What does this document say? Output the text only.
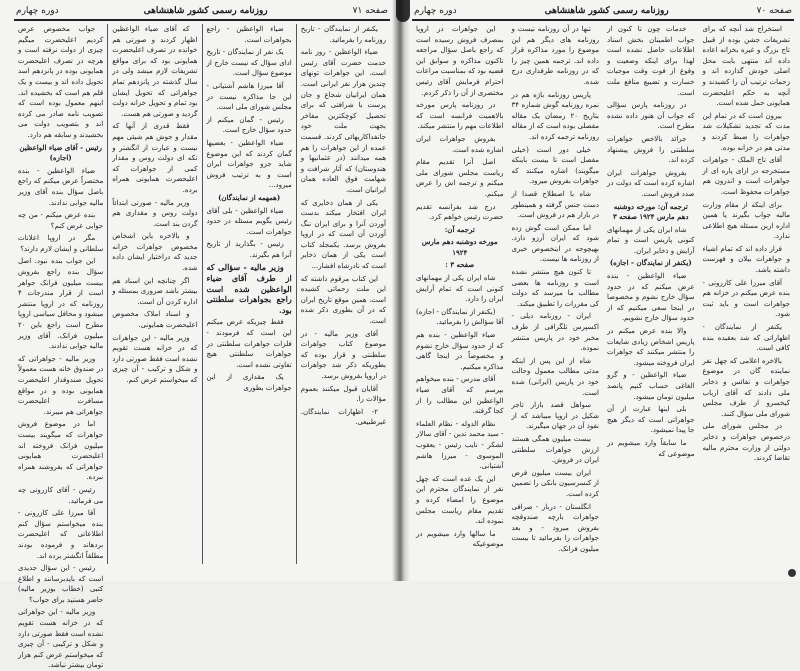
صفحه ۷۱
روزنامه رسمی کشور شاهنشاهی
دوره چهارم

یکنفر از نمایندگان - تاریخ روزنامه را بفرمائید.

ضیاء الواعظین - روز نامه خدمت حضرت آقای رئیس است. این جواهرات تونهای چندین هزار نفر ایرانی است. همان ایرانیان شجاع و جان پرست با شرافتی که برای تحصیل کوچکترین مفاخر بجهت ملت خود جانفداکاریهائی کردند. قسمت عمده از این جواهرات را هم همه میدانند (در عثمانیها و هندوستان) که آثار شرافت و شهامت فوق العاده همان ایرانیان است.

یکی از همان ذخایری که ایران افتخار میکند بدست آوردن آنرا و برای ایران ننگ آوردن آن است که در اروپا بفروش برسد. یکمجلد کتاب است یکی از همان ذخایر است که نادرشاه افشار...

این کتاب مرقوم داشته که این ملت زحماتی کشیده است. همین موقع تاریخ ایران که در آن بطوری ذکر شده است.

آقای وزیر مالیه - در موضوع کتاب جواهرات سلطنتی و قرار بوده که بطوریکه ذکر شد جواهرات در اروپا بفروش برسد.

آقایان قبول میکنند بعموم مؤالات را.

۲- اظهارات نمایندگان. غیرطبیعی.

ضیاء الواعظین - راجع بجواهرات است.

یک نفر از نمایندگان - تاریخ ادای سؤال که نیست خارج از موضوع سؤال است.

آقا میرزا هاشم آشتیانی - این جا مذاکره نیست در مجلس شورای ملی است.

رئیس - گمان میکنم از حدود سؤال خارج است.

ضیاء الواعظین - بعضیها گمان کردند که این موضوع شاید جزو جواهرات ایران است و به ترتیب فروش میرود...

(همهمه از نمایندگان)

ضیاء الواعظین - بلی آقای رئیس بگویم مسئله در حدود جواهرات است.

رئیس - بگذارید از تاریخ آنرا هم بگیرند.

وزیر مالیه - سؤالی که از طرف آقای ضیاء الواعظین شده است راجع بجواهرات سلطنتی بود.

فقط چیزیکه عرض میکنم این است که فرمودند - فلزات جواهرات سلطنتی در جواهرات سلطنتی هیچ تفاوتی نشده است.

یک مقداری از این جواهرات بطوری

که آقای ضیاء الواعظین اظهار کردند و صورتی هم خوانده در تصرف اعلیحضرت همایونی بود که برای مواقع تشریفات لازم میشد ولی در سال گذشته در پانزدهم تمام جواهراتی که تحویل ایشان بود تمام و تحویل خزانه دولت گردید و صورتی هم هست.

فقط قدری از آنها که مقدار و جوش هم شیئی مهم نیست و عبارت از انگشتر و تکه ای دولت روس و مقدار کمی از جواهرات که اعلیحضرت همایونی همراه برده.

وزیر مالیه - صورتی ابتدائاً دولت روس و مقداری هم گردن بند است.

و بالاخره باین اشخاص مخصوص جواهرات خزانه جدید که دراختیار ایشان داده شده.

اگر چنانچه این اسناد هم بیشتر باشد ضروری بمسئله و اداره کردن آن است.

و اسناد املاک مخصوص اعلیحضرت همایونی.

وزیر مالیه - این جواهرات که در خزانه هست تقویم نشده است فقط صورتی دارد و شکل و ترکیب - آن چیزی که میخواستم عرض کنم.

جواب مخصوص عرض کردیم اعلیحضرت میگیم چیزی از دولت نرفته است و هرچه در تصرف اعلیحضرت همایونی بوده در پانزدهم اسد تحویل داده اند و بیست و یک قلم هم است که بخشیده اند. اینهم معمول بوده است که تصویب نامه صادر می کرده اند و بتصویب دولت می بخشیدند و سابقه هم دارد.

رئیس - آقای ضیاء الواعظین (اجازه)

ضیاء الواعظین - بنده مختصراً عرض میکنم که راجع باصل سؤال بنده آقای وزیر مالیه جوابی ندادند.

بنده عرض میکنم - من چه جوابی عرض کنم؟

مگر در اروپا اعلانات سلطانی و ایشان لازم دارند؟

این جواب بنده نبود. اصل سؤال بنده راجع بفروش بیست میلیون فرانک جواهر است از قرار مندرجات ۴ روزنامه که در اروپا منتشر میشود و محافل سیاسی اروپا مطرح است راجع باین ۲۰ میلیون فرانک. آقای وزیر مالیه جوابی ندادند.

وزیر مالیه - جواهراتی که در صندوق خانه هست معمولاً تحویل صندوقدار اعلیحضرت همایونی بوده و در مواقع مسافرت اعلیحضرت جواهراتی هم میبرند.

اما در موضوع فروش جواهرات که میگویند بیست میلیون فرانک فروخته اند اعلیحضرت همایونی جواهراتی که بفروشند همراه نبرده.

رئیس - آقای کازرونی چه می فرمائید.

آقا میرزا علی کازرونی - بنده میخواستم سؤال کنم اطلاعاتی که اعلیحضرت بردهاند و فرموده بودند مطلقاً انگشتر برده اند.

رئیس - این سؤال جدیدی است که بایدبرسانند و اطلاع کتبی (خطاب بوزیر مالیه) حاضر هستید برای جواب؟

وزیر مالیه - این جواهراتی که در خزانه هست تقویم نشده است فقط صورتی دارد و شکل و ترکیبی - آن چیزی که میخواستم عرض کنم هزار تومان بیشتر نباشد.

صفحه ۷۰
روزنامه رسمی کشور شاهنشاهی
دوره چهارم

استخراج شد آنچه که برای تشریفات جشن بوده از قبیل تاج بزرگ و غیره بخزانه اعاده داده اند منتهی بابت محل اصلی خودش گذارده اند و زحمات ترتیب آن را کشیدند و آنچه به حکم اعلیحضرت همایونی حمل شده است.

بیرون است که در تمام این مدت که تجدید تشکیلات شد جواهرات را ضبط کردند و مدتی هم در خزانه بوده.

آقای تاج الملک - جواهرات مستخرجه در ازای پاره ای از جواهرات است و اندرون هم جواهرات محفوظ است.

برای اینکه از مقام وزارت مالیه جواب بگیرند یا همین اداره ازین مسئله هیچ اطلاعی ندارد.

قرار داده اند که تمام اشیاء و جواهرات بیلان و فهرست داشته باشد.

آقای میرزا علی کازرونی - بنده عرض میکنم در خزانه هم جواهرات است و باید ثبت شود.

یکنفر از نمایندگان - اظهاراتی که شد بعقیده بنده کافی است.

بالاخره اعلامی که چهل نفر نماینده گان در موضوع جواهرات و نفائس و ذخایر ملی دادند که آقای ارباب کیخسرو از طرف مجلس شورای ملی سؤال کنند.

در مجلس شورای ملی درخصوص جواهرات و ذخایر دولتی از وزارت محترم مالیه تقاضا کردند.

خدمات چون تا کنون از جواب اطمینان بخش اسناد اطلاعات حاصل نشده است لهذا برای اینکه وضعیت و وقوع از فوت وقت موجبات خسارت و تضییع منافع ملت است.

در روزنامه پارس سؤالی که جواب آن هنوز داده نشده مطرح است.

جرائد بالاخص جواهرات سلطنتی را فروش پیشنهاد کرده اند.

بفروش جواهرات ایران اشاره کرده است که دولت در صدد فروش است.

ترجمه آن: مورخه دوشنبه دهم مارس ۱۹۲۴ صفحه ۳

شاه ایران یکی از مهمانهای کنونی پاریس است و تمام آرایش و ذخایر ایران.

(یکنفر از نمایندگان - اجازه)

ضیاء الواعظین - بنده عرض میکنم که در حدود سؤال خارج نشوم و مخصوصا در اینجا سعی میکنیم که از حدود سؤال خارج نشویم.

والا بنده عرض میکنم در پاریس اشخاص زیادی شایعات را منتشر میکنند که جواهرات ایران فروخته میشود.

ضیاء الواعظین - و گرو الغاغی حساب کنیم پانصد میلیون تومان میشود.

بلی اینها عبارت از آن جواهراتی است که دیگر هیچ جا پیدا نمیشود.

ما سابقاً وارد میشویم در موضوعی که

تنها در آن روزنامه نیست و روزنامه های دیگر هم این موضوع را مورد مذاکره قرار داده اند. ترجمه همین چیز را که در روزنامه طرفداری درج شده.

پاریس روزنامه باژه هم در نمره روزنامه گوش شماره ۳۴ بتاریخ ۲۰ رمضان یک مقاله مفصلی بوده است که از مقاله روزنامه ترجمه کرده اند.

خیلی دور است (خیلی مفصل است تا بیست باینکه میگویند) اشاره میکنند که جواهرات بفروش میرود.

شاه با اصطلاح قصدا از دست جنس گرفته و همینطور در بازار هم در فروش است.

اما ممکن است گوش زده شود که ایران آرزو دارد. بهیچوجه در اینخصوص خبری از روزنامه ها نیست.

تا کنون هیچ منتشر نشده است و روزنامه ها بعضی مطالب ما میرسد که دولت کی مقررات را تطبیق میکند.

ایران - روزنامه دیلی - اکسپرس تلگرافی از طرف مخبر خود در پاریس منتشر نموده.

شاه از این پس از اینکه مدتی مطالب معمول وحالت خود در پاریس (ایرانی) شده است.

سواهل قصد بازار تاجر شکیل در اروپا میباشد که از نفوذ آن در جهان میگیرند.

بیست میلیون همگی هستند ارزش جواهرات سلطنتی ایران در فروش.

ایران بیست میلیون قرض از کنسرسیون بانکی را تضمین کرده است.

انگلستان - دربار - صرافی جواهرات بارچه صندوقچه بفروش میرود - و بعد جواهرات را بفرمائید تا بیست میلیون فرانک.

این جواهرات در اروپا بمصرف فروش رسیده است که راجع باصل سؤال مراجعه تاکنون مذاکره و سوابق این قضیه بود که بمناسبت مراعات احترام فرمایش آقای رئیس مختصری از آن را ذکر کردم.

در روزنامه پارس مورخه بالاهمیت فرانسه است که اطلاعات مهم را منتشر میکند.

بفروش جواهرات ایران اشاره شده است.

اصل آنرا تقدیم مقام ریاست مجلس شورای ملی میکنم و ترجمه اش را عرض میکنم.

درج شد بفرانسه تقدیم حضرت رئیس خواهم کرد.

ترجمه آن:

مورخه دوشنبه دهم مارس ۱۹۲۴

صفحه ۳ :

شاه ایران یکی از مهمانهای کنونی است که تمام آرایش ایران را دارد.

(یکنفر از نمایندگان - اجازه) آقا سؤالش را بفرمائید.

ضیاء الواعظین - بنده هم که از حدود سؤال خارج نشوم و مخصوصاً در اینجا گاهی مذاکره میکنیم.

آقای مدرس - بنده میخواهم بپرسم که آقای ضیاء الواعظین این مطالب را از کجا گرفته.

نظام الدوله - نظام العلماء - سید محمد تدین - آقای سالار لشکر - نایب رئیس - یعقوب الموسوی - میرزا هاشم آشتیانی.

این یک عده است که چهل نفر از نمایندگان محترم این موضوع را امضاء کرده و تقدیم مقام ریاست مجلس نموده اند.

ما سالها وارد میشویم در موضوعیکه
